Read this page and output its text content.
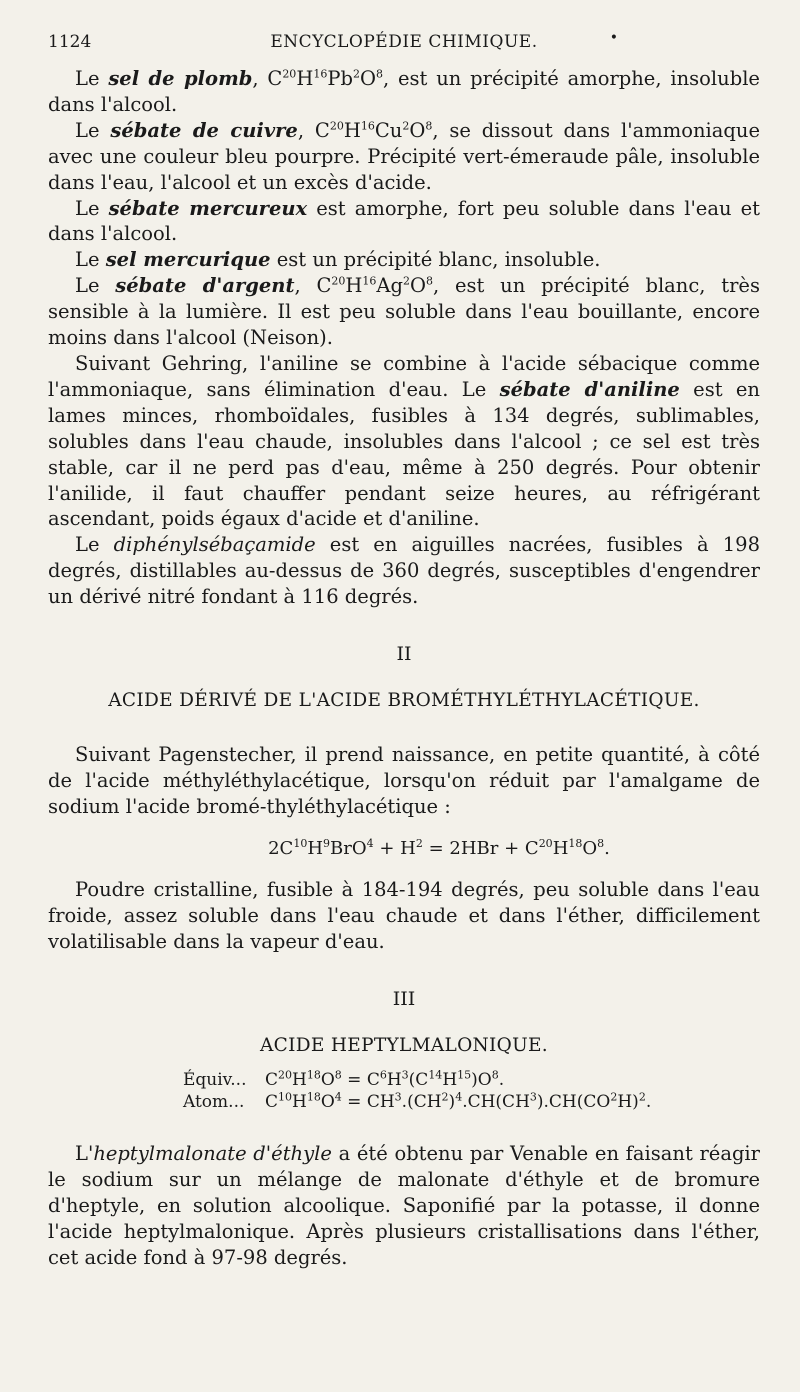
1124	ENCYCLOPÉDIE CHIMIQUE.	•

Le sel de plomb, $C^{20}H^{16}Pb^2O^8$, est un précipité amorphe, insoluble dans l'alcool.

Le sébate de cuivre, $C^{20}H^{16}Cu^2O^8$, se dissout dans l'ammoniaque avec une couleur bleu pourpre. Précipité vert-émeraude pâle, insoluble dans l'eau, l'alcool et un excès d'acide.

Le sébate mercureux est amorphe, fort peu soluble dans l'eau et dans l'alcool.

Le sel mercurique est un précipité blanc, insoluble.

Le sébate d'argent, $C^{20}H^{16}Ag^2O^8$, est un précipité blanc, très sensible à la lumière. Il est peu soluble dans l'eau bouillante, encore moins dans l'alcool (Neison).

Suivant Gehring, l'aniline se combine à l'acide sébacique comme l'ammoniaque, sans élimination d'eau. Le sébate d'aniline est en lames minces, rhomboïdales, fusibles à 134 degrés, sublimables, solubles dans l'eau chaude, insolubles dans l'alcool ; ce sel est très stable, car il ne perd pas d'eau, même à 250 degrés. Pour obtenir l'anilide, il faut chauffer pendant seize heures, au réfrigérant ascendant, poids égaux d'acide et d'aniline.

Le diphénylsébaçamide est en aiguilles nacrées, fusibles à 198 degrés, distillables au-dessus de 360 degrés, susceptibles d'engendrer un dérivé nitré fondant à 116 degrés.

II
ACIDE DÉRIVÉ DE L'ACIDE BROMÉTHYLÉTHYLACÉTIQUE.

Suivant Pagenstecher, il prend naissance, en petite quantité, à côté de l'acide méthyléthylacétique, lorsqu'on réduit par l'amalgame de sodium l'acide bromé-thyléthylacétique :

$2C^{10}H^9BrO^4 + H^2 = 2HBr + C^{20}H^{18}O^8$.

Poudre cristalline, fusible à 184-194 degrés, peu soluble dans l'eau froide, assez soluble dans l'eau chaude et dans l'éther, difficilement volatilisable dans la vapeur d'eau.

III
ACIDE HEPTYLMALONIQUE.
Équiv... $C^{20}H^{18}O^8 = C^6H^3(C^{14}H^{15})O^8$.
Atom... $C^{10}H^{18}O^4 = CH^3.(CH^2)^4.CH(CH^3).CH(CO^2H)^2$.

L'heptylmalonate d'éthyle a été obtenu par Venable en faisant réagir le sodium sur un mélange de malonate d'éthyle et de bromure d'heptyle, en solution alcoolique. Saponifié par la potasse, il donne l'acide heptylmalonique. Après plusieurs cristallisations dans l'éther, cet acide fond à 97-98 degrés.
